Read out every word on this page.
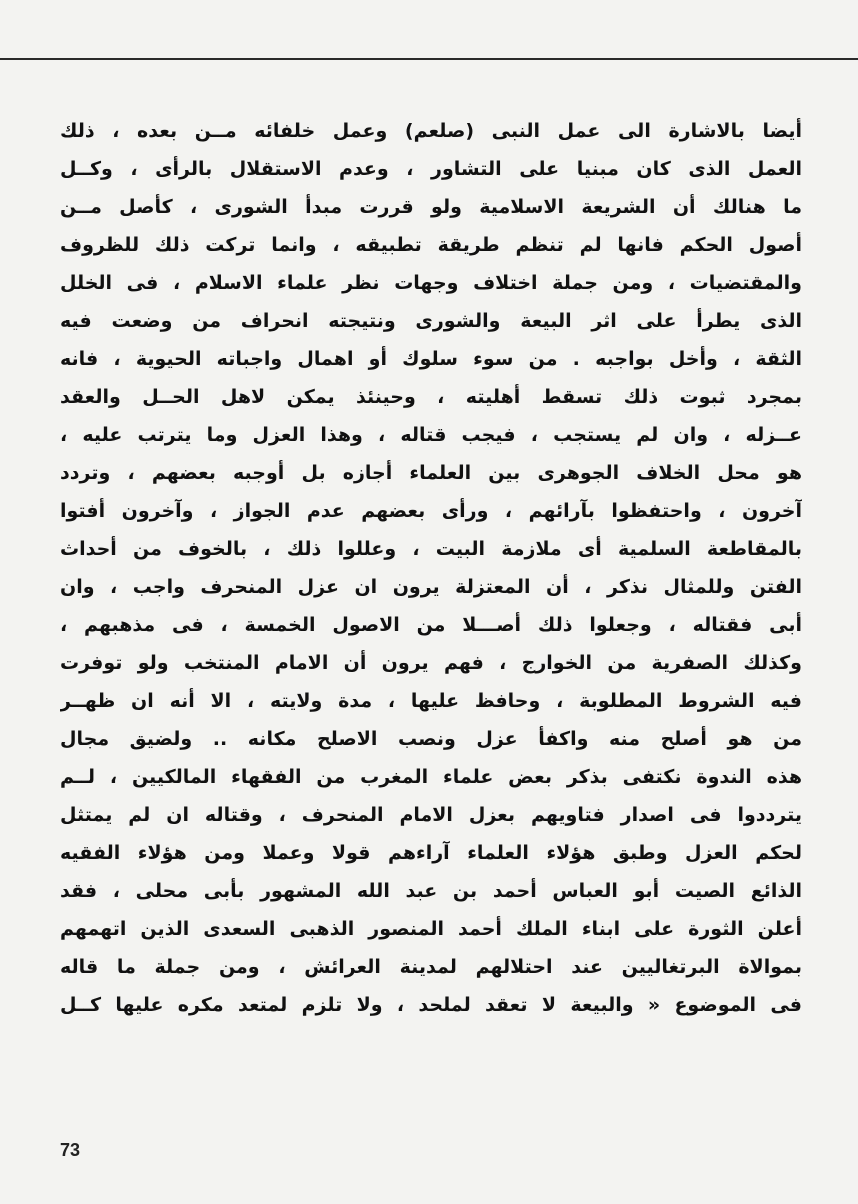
أيضا بالاشارة الى عمل النبى (صلعم) وعمل خلفائه مــن بعده ، ذلك
العمل الذى كان مبنيا على التشاور ، وعدم الاستقلال بالرأى ، وكــل
ما هنالك أن الشريعة الاسلامية ولو قررت مبدأ الشورى ، كأصل مــن
أصول الحكم فانها لم تنظم طريقة تطبيقه ، وانما تركت ذلك للظروف
والمقتضيات ، ومن جملة اختلاف وجهات نظر علماء الاسلام ، فى الخلل
الذى يطرأ على اثر البيعة والشورى ونتيجته انحراف من وضعت فيه
الثقة ، وأخل بواجبه . من سوء سلوك أو اهمال واجباته الحيوية ، فانه
بمجرد ثبوت ذلك تسقط أهليته ، وحينئذ يمكن لاهل الحــل والعقد
عــزله ، وان لم يستجب ، فيجب قتاله ، وهذا العزل وما يترتب عليه ،
هو محل الخلاف الجوهرى بين العلماء أجازه بل أوجبه بعضهم ، وتردد
آخرون ، واحتفظوا بآرائهم ، ورأى بعضهم عدم الجواز ، وآخرون أفتوا
بالمقاطعة السلمية أى ملازمة البيت ، وعللوا ذلك ، بالخوف من أحداث
الفتن وللمثال نذكر ، أن المعتزلة يرون ان عزل المنحرف واجب ، وان
أبى فقتاله ، وجعلوا ذلك أصـــلا من الاصول الخمسة ، فى مذهبهم ،
وكذلك الصفرية من الخوارج ، فهم يرون أن الامام المنتخب ولو توفرت
فيه الشروط المطلوبة ، وحافظ عليها ، مدة ولايته ، الا أنه ان ظهــر
من هو أصلح منه واكفأ عزل ونصب الاصلح مكانه .. ولضيق مجال
هذه الندوة نكتفى بذكر بعض علماء المغرب من الفقهاء المالكيين ، لــم
يترددوا فى اصدار فتاويهم بعزل الامام المنحرف ، وقتاله ان لم يمتثل
لحكم العزل وطبق هؤلاء العلماء آراءهم قولا وعملا ومن هؤلاء الفقيه
الذائع الصيت أبو العباس أحمد بن عبد الله المشهور بأبى محلى ، فقد
أعلن الثورة على ابناء الملك أحمد المنصور الذهبى السعدى الذين اتهمهم
بموالاة البرتغاليين عند احتلالهم لمدينة العرائش ، ومن جملة ما قاله
فى الموضوع « والبيعة لا تعقد لملحد ، ولا تلزم لمتعد مكره عليها كــل
73
